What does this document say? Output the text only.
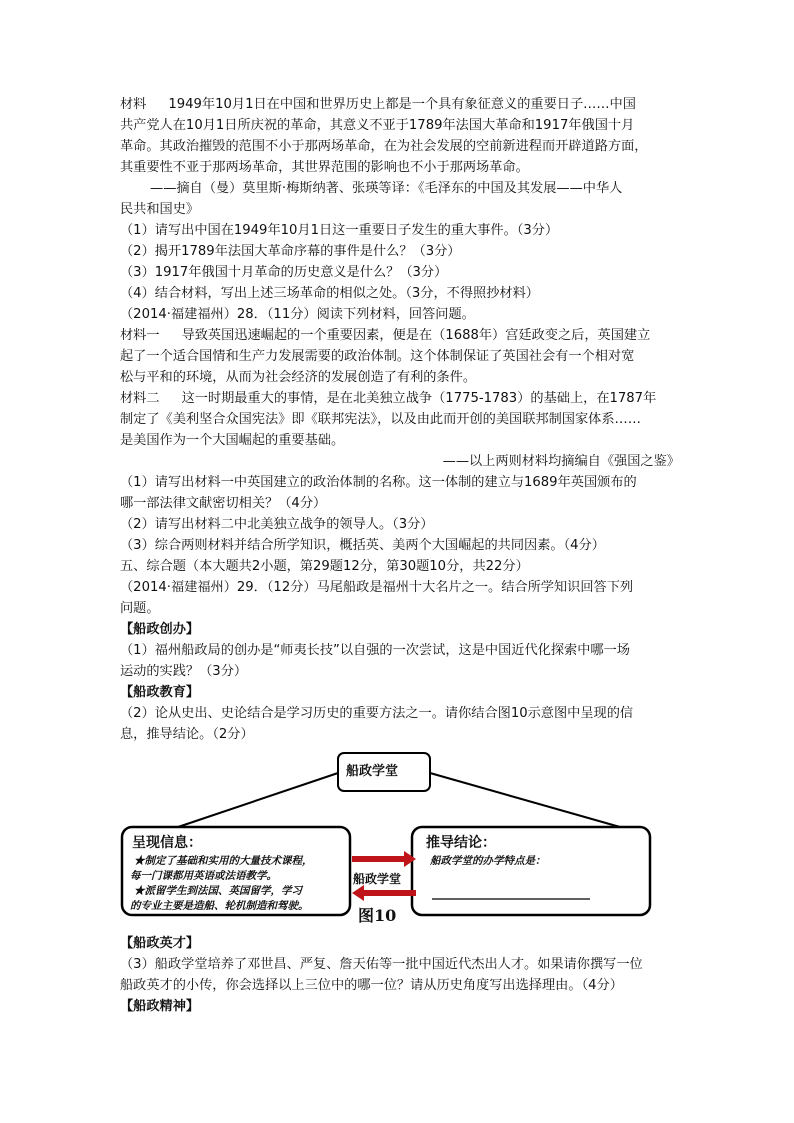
材料 1949年10月1日在中国和世界历史上都是一个具有象征意义的重要日子……中国
共产党人在10月1日所庆祝的革命，其意义不亚于1789年法国大革命和1917年俄国十月
革命。其政治摧毁的范围不小于那两场革命，在为社会发展的空前新进程而开辟道路方面，
其重要性不亚于那两场革命，其世界范围的影响也不小于那两场革命。
——摘自（曼）莫里斯·梅斯纳著、张瑛等译：《毛泽东的中国及其发展——中华人
民共和国史》
（1）请写出中国在1949年10月1日这一重要日子发生的重大事件。（3分）
（2）揭开1789年法国大革命序幕的事件是什么？（3分）
（3）1917年俄国十月革命的历史意义是什么？（3分）
（4）结合材料，写出上述三场革命的相似之处。（3分，不得照抄材料）
（2014·福建福州）28．（11分）阅读下列材料，回答问题。
材料一 导致英国迅速崛起的一个重要因素，便是在（1688年）宫廷政变之后，英国建立
起了一个适合国情和生产力发展需要的政治体制。这个体制保证了英国社会有一个相对宽
松与平和的环境，从而为社会经济的发展创造了有利的条件。
材料二 这一时期最重大的事情，是在北美独立战争（1775-1783）的基础上，在1787年
制定了《美利坚合众国宪法》即《联邦宪法》，以及由此而开创的美国联邦制国家体系……
是美国作为一个大国崛起的重要基础。
——以上两则材料均摘编自《强国之鉴》
（1）请写出材料一中英国建立的政治体制的名称。这一体制的建立与1689年英国颁布的
哪一部法律文献密切相关？（4分）
（2）请写出材料二中北美独立战争的领导人。（3分）
（3）综合两则材料并结合所学知识，概括英、美两个大国崛起的共同因素。（4分）
五、综合题（本大题共2小题，第29题12分，第30题10分，共22分）
（2014·福建福州）29．（12分）马尾船政是福州十大名片之一。结合所学知识回答下列
问题。
【船政创办】
（1）福州船政局的创办是“师夷长技”以自强的一次尝试，这是中国近代化探索中哪一场
运动的实践？（3分）
【船政教育】
（2）论从史出、史论结合是学习历史的重要方法之一。请你结合图10示意图中呈现的信
息，推导结论。（2分）
船政学堂
呈现信息：
★制定了基础和实用的大量技术课程，
每一门课都用英语或法语教学。
★派留学生到法国、英国留学，学习
的专业主要是造船、轮机制造和驾驶。
推导结论：
船政学堂的办学特点是：
船政学堂
图10
【船政英才】
（3）船政学堂培养了邓世昌、严复、詹天佑等一批中国近代杰出人才。如果请你撰写一位
船政英才的小传，你会选择以上三位中的哪一位？请从历史角度写出选择理由。（4分）
【船政精神】
